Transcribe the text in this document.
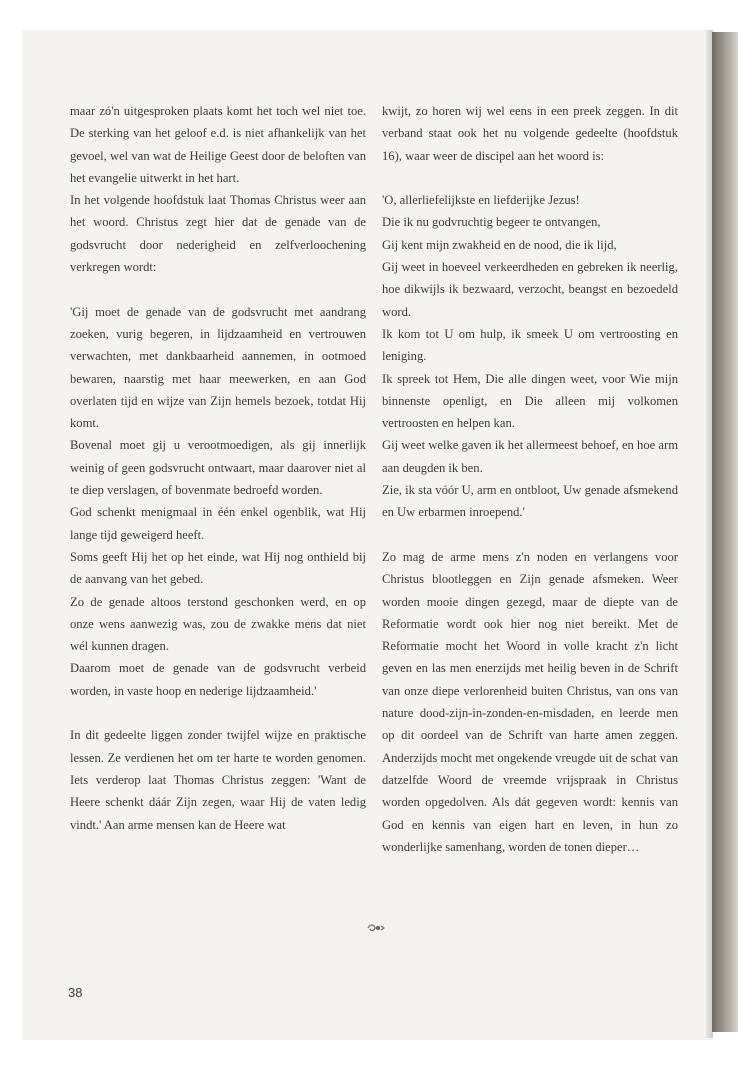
maar zó'n uitgesproken plaats komt het toch wel niet toe. De sterking van het geloof e.d. is niet afhankelijk van het gevoel, wel van wat de Heilige Geest door de beloften van het evangelie uitwerkt in het hart.

In het volgende hoofdstuk laat Thomas Christus weer aan het woord. Christus zegt hier dat de genade van de godsvrucht door nederigheid en zelfverloochening verkregen wordt:

'Gij moet de genade van de godsvrucht met aandrang zoeken, vurig begeren, in lijdzaamheid en vertrouwen verwachten, met dankbaarheid aannemen, in ootmoed bewaren, naarstig met haar meewerken, en aan God overlaten tijd en wijze van Zijn hemels bezoek, totdat Hij komt.

Bovenal moet gij u verootmoedigen, als gij innerlijk weinig of geen godsvrucht ontwaart, maar daarover niet al te diep verslagen, of bovenmate bedroefd worden.

God schenkt menigmaal in één enkel ogenblik, wat Hij lange tijd geweigerd heeft.

Soms geeft Hij het op het einde, wat Hij nog onthield bij de aanvang van het gebed.

Zo de genade altoos terstond geschonken werd, en op onze wens aanwezig was, zou de zwakke mens dat niet wél kunnen dragen.

Daarom moet de genade van de godsvrucht verbeid worden, in vaste hoop en nederige lijdzaamheid.'

In dit gedeelte liggen zonder twijfel wijze en praktische lessen. Ze verdienen het om ter harte te worden genomen. Iets verderop laat Thomas Christus zeggen: 'Want de Heere schenkt dáár Zijn zegen, waar Hij de vaten ledig vindt.' Aan arme mensen kan de Heere wat

kwijt, zo horen wij wel eens in een preek zeggen. In dit verband staat ook het nu volgende gedeelte (hoofdstuk 16), waar weer de discipel aan het woord is:

'O, allerliefelijkste en liefderijke Jezus!

Die ik nu godvruchtig begeer te ontvangen,

Gij kent mijn zwakheid en de nood, die ik lijd,

Gij weet in hoeveel verkeerdheden en gebreken ik neerlig, hoe dikwijls ik bezwaard, verzocht, beangst en bezoedeld word.

Ik kom tot U om hulp, ik smeek U om vertroosting en leniging.

Ik spreek tot Hem, Die alle dingen weet, voor Wie mijn binnenste openligt, en Die alleen mij volkomen vertroosten en helpen kan.

Gij weet welke gaven ik het allermeest behoef, en hoe arm aan deugden ik ben.

Zie, ik sta vóór U, arm en ontbloot, Uw genade afsmekend en Uw erbarmen inroepend.'

Zo mag de arme mens z'n noden en verlangens voor Christus blootleggen en Zijn genade afsmeken. Weer worden mooie dingen gezegd, maar de diepte van de Reformatie wordt ook hier nog niet bereikt. Met de Reformatie mocht het Woord in volle kracht z'n licht geven en las men enerzijds met heilig beven in de Schrift van onze diepe verlorenheid buiten Christus, van ons van nature dood-zijn-in-zonden-en-misdaden, en leerde men op dit oordeel van de Schrift van harte amen zeggen. Anderzijds mocht met ongekende vreugde uit de schat van datzelfde Woord de vreemde vrijspraak in Christus worden opgedolven. Als dát gegeven wordt: kennis van God en kennis van eigen hart en leven, in hun zo wonderlijke samenhang, worden de tonen dieper…

38
